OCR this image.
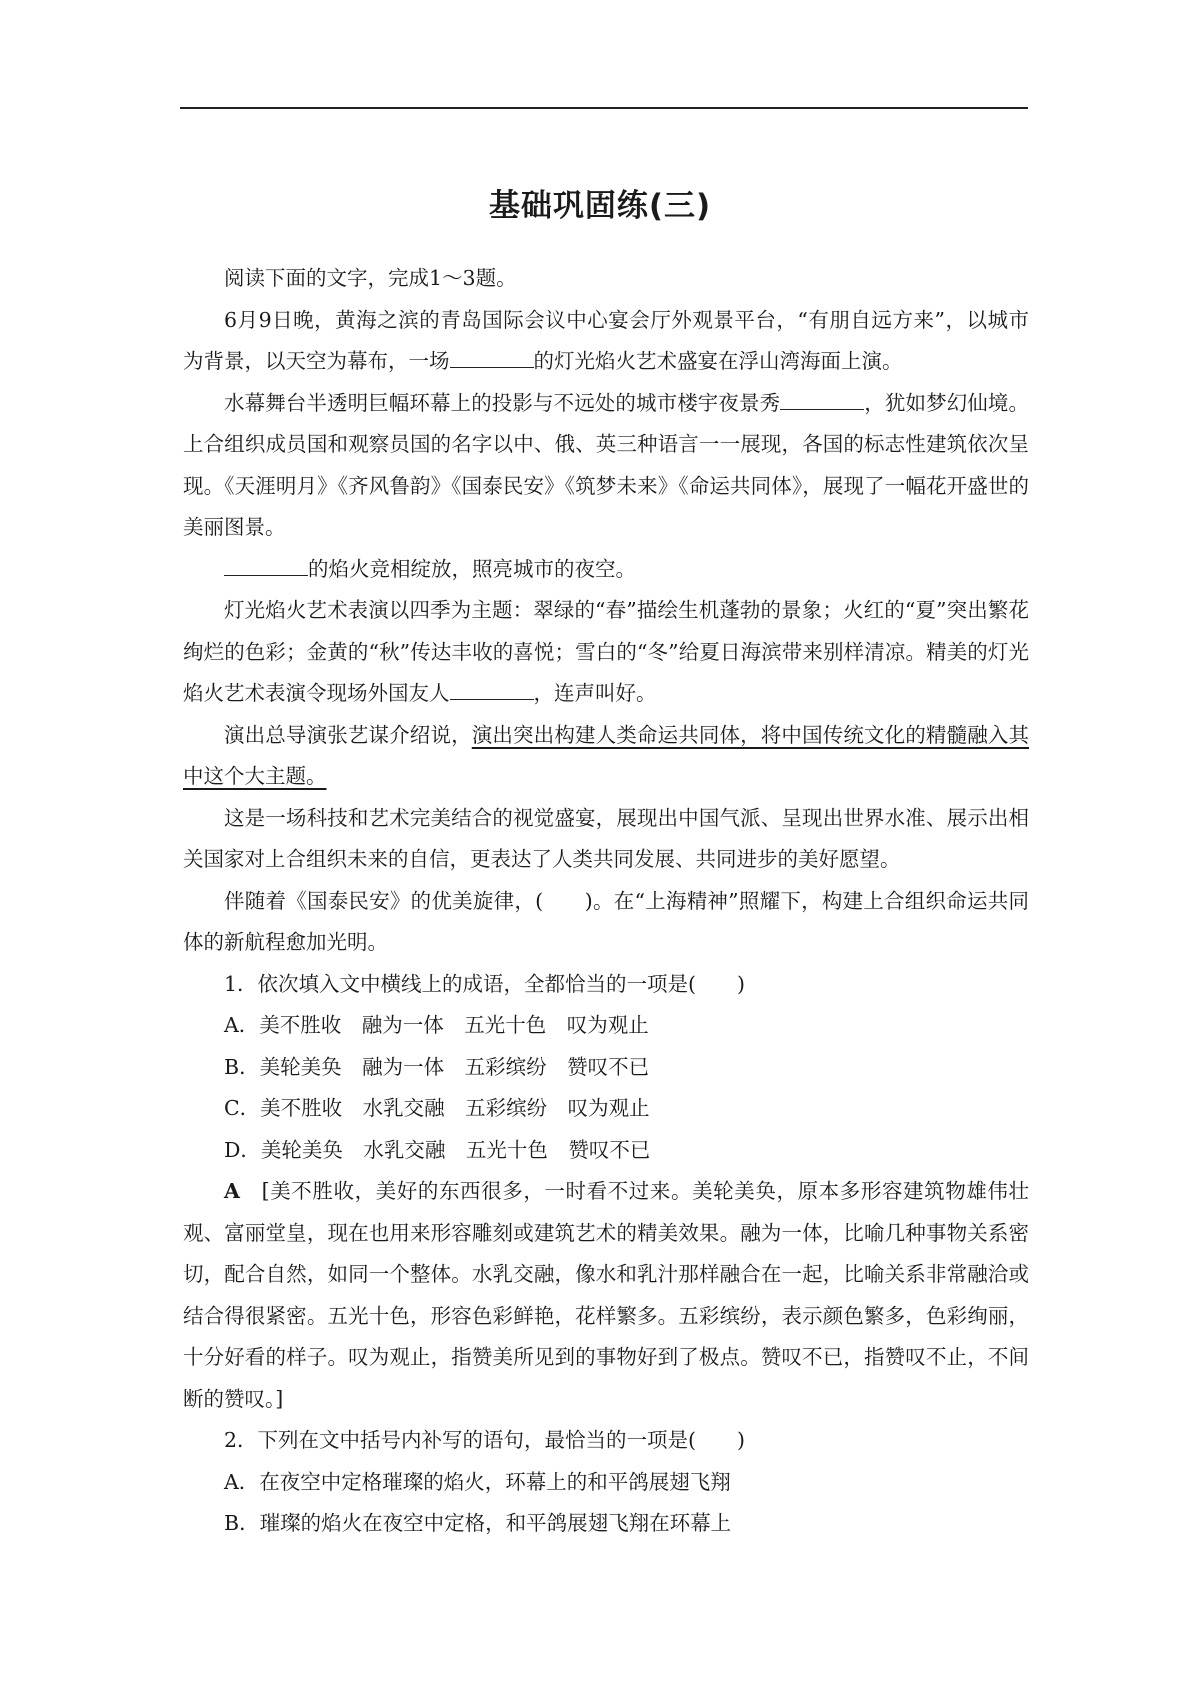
基础巩固练(三)

阅读下面的文字，完成1～3题。

6月9日晚，黄海之滨的青岛国际会议中心宴会厅外观景平台，“有朋自远方来”，以城市为背景，以天空为幕布，一场	的灯光焰火艺术盛宴在浮山湾海面上演。

水幕舞台半透明巨幅环幕上的投影与不远处的城市楼宇夜景秀	，犹如梦幻仙境。上合组织成员国和观察员国的名字以中、俄、英三种语言一一展现，各国的标志性建筑依次呈现。《天涯明月》《齐风鲁韵》《国泰民安》《筑梦未来》《命运共同体》，展现了一幅花开盛世的美丽图景。

的焰火竞相绽放，照亮城市的夜空。

灯光焰火艺术表演以四季为主题：翠绿的“春”描绘生机蓬勃的景象；火红的“夏”突出繁花绚烂的色彩；金黄的“秋”传达丰收的喜悦；雪白的“冬”给夏日海滨带来别样清凉。精美的灯光焰火艺术表演令现场外国友人	，连声叫好。

演出总导演张艺谋介绍说，演出突出构建人类命运共同体，将中国传统文化的精髓融入其中这个大主题。

这是一场科技和艺术完美结合的视觉盛宴，展现出中国气派、呈现出世界水准、展示出相关国家对上合组织未来的自信，更表达了人类共同发展、共同进步的美好愿望。

伴随着《国泰民安》的优美旋律，(　　)。在“上海精神”照耀下，构建上合组织命运共同体的新航程愈加光明。

1．依次填入文中横线上的成语，全都恰当的一项是(　　)

A．美不胜收　融为一体　五光十色　叹为观止
B．美轮美奂　融为一体　五彩缤纷　赞叹不已
C．美不胜收　水乳交融　五彩缤纷　叹为观止
D．美轮美奂　水乳交融　五光十色　赞叹不已

A　 [美不胜收，美好的东西很多，一时看不过来。美轮美奂，原本多形容建筑物雄伟壮观、富丽堂皇，现在也用来形容雕刻或建筑艺术的精美效果。融为一体，比喻几种事物关系密切，配合自然，如同一个整体。水乳交融，像水和乳汁那样融合在一起，比喻关系非常融洽或结合得很紧密。五光十色，形容色彩鲜艳，花样繁多。五彩缤纷，表示颜色繁多，色彩绚丽，十分好看的样子。叹为观止，指赞美所见到的事物好到了极点。赞叹不已，指赞叹不止，不间断的赞叹。]

2．下列在文中括号内补写的语句，最恰当的一项是(　　)

A．在夜空中定格璀璨的焰火，环幕上的和平鸽展翅飞翔
B．璀璨的焰火在夜空中定格，和平鸽展翅飞翔在环幕上
